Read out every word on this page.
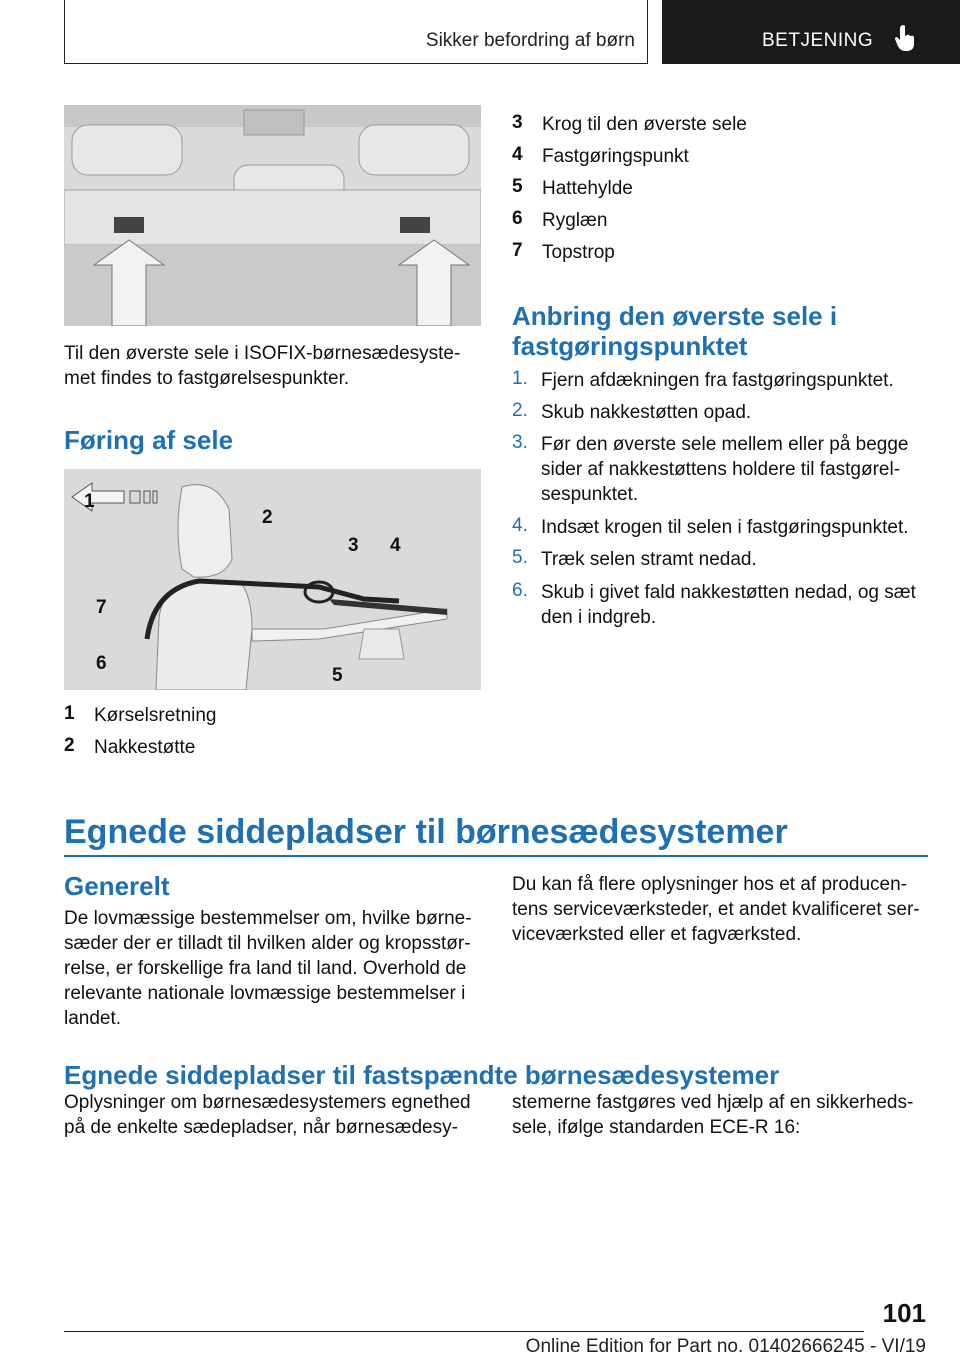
Sikker befordring af børn	BETJENING
Til den øverste sele i ISOFIX-børnesædesyste-
met findes to fastgørelsespunkter.
Føring af sele
1
2
3 4
5
6
7
1 Kørselsretning
2 Nakkestøtte
3 Krog til den øverste sele
4 Fastgøringspunkt
5 Hattehylde
6 Ryglæn
7 Topstrop
Anbring den øverste sele i
fastgøringspunktet
1. Fjern afdækningen fra fastgøringspunktet.
2. Skub nakkestøtten opad.
3. Før den øverste sele mellem eller på begge
sider af nakkestøttens holdere til fastgørel-
sespunktet.
4. Indsæt krogen til selen i fastgøringspunktet.
5. Træk selen stramt nedad.
6. Skub i givet fald nakkestøtten nedad, og sæt
den i indgreb.
Egnede siddepladser til børnesædesystemer
Generelt
De lovmæssige bestemmelser om, hvilke børne-
sæder der er tilladt til hvilken alder og kropsstør-
relse, er forskellige fra land til land. Overhold de
relevante nationale lovmæssige bestemmelser i
landet.
Du kan få flere oplysninger hos et af producen-
tens serviceværksteder, et andet kvalificeret ser-
viceværksted eller et fagværksted.
Egnede siddepladser til fastspændte børnesædesystemer
Oplysninger om børnesædesystemers egnethed
på de enkelte sædepladser, når børnesædesy-
stemerne fastgøres ved hjælp af en sikkerheds-
sele, ifølge standarden ECE-R 16:
101
Online Edition for Part no. 01402666245 - VI/19
